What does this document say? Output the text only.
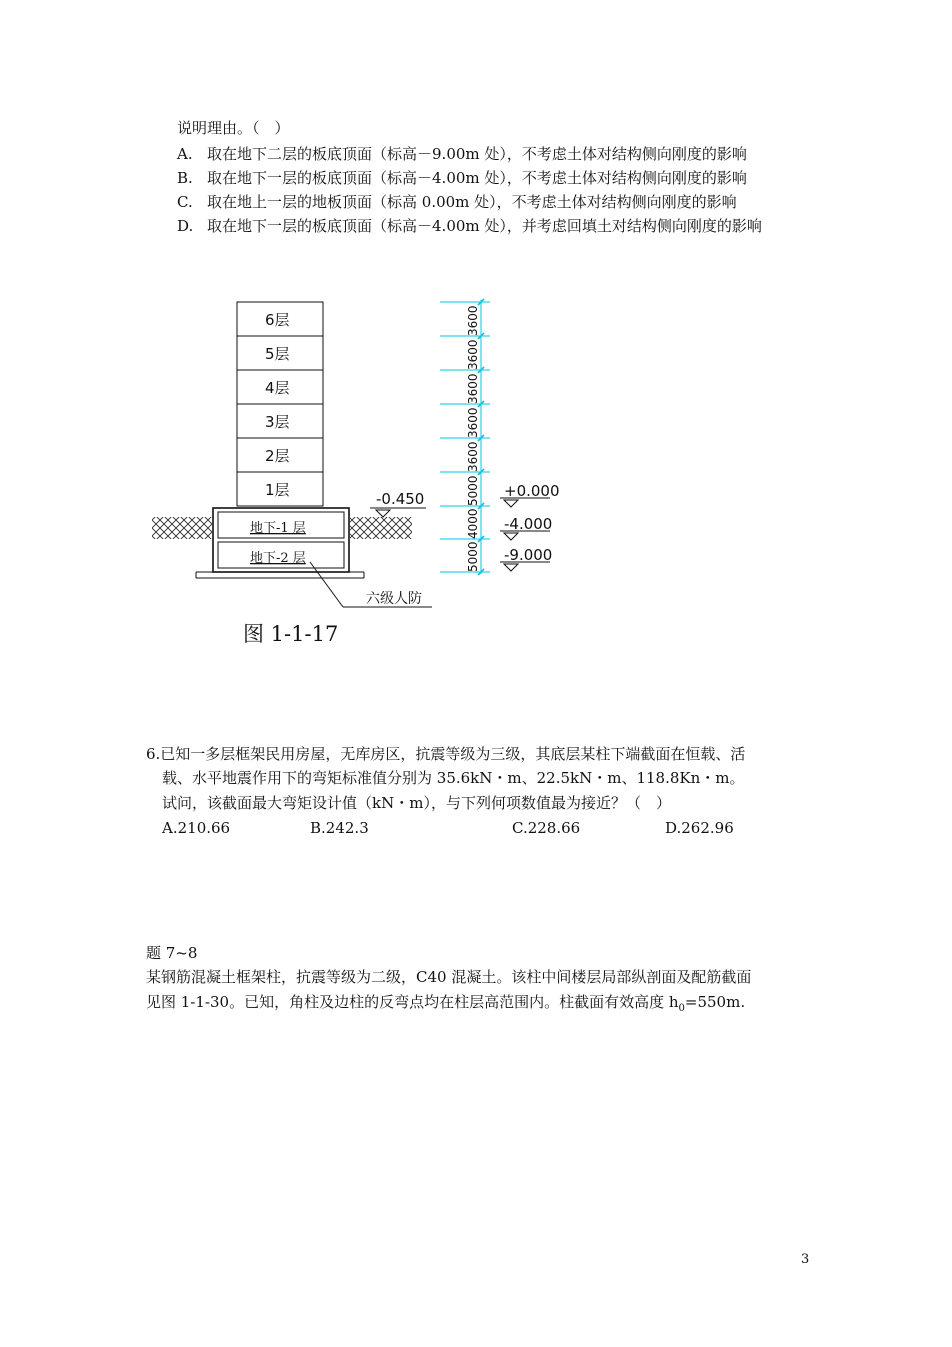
说明理由。（　）
A. 取在地下二层的板底顶面（标高－9.00m 处），不考虑土体对结构侧向刚度的影响
B. 取在地下一层的板底顶面（标高－4.00m 处），不考虑土体对结构侧向刚度的影响
C. 取在地上一层的地板顶面（标高 0.00m 处），不考虑土体对结构侧向刚度的影响
D. 取在地下一层的板底顶面（标高－4.00m 处），并考虑回填土对结构侧向刚度的影响
6层
5层
4层
3层
2层
1层
地下-1 层
地下-2 层
-0.450
六级人防
3600
3600
3600
3600
3600
5000
4000
5000
+0.000
-4.000
-9.000
图 1-1-17
6.已知一多层框架民用房屋，无库房区，抗震等级为三级，其底层某柱下端截面在恒载、活
载、水平地震作用下的弯矩标准值分别为 35.6kN・m、22.5kN・m、118.8Kn・m。
试问，该截面最大弯矩设计值（kN・m），与下列何项数值最为接近？（　）
A.210.66	B.242.3	C.228.66	D.262.96
题 7~8
某钢筋混凝土框架柱，抗震等级为二级，C40 混凝土。该柱中间楼层局部纵剖面及配筋截面
见图 1-1-30。已知，角柱及边柱的反弯点均在柱层高范围内。柱截面有效高度 $h_0=550m$.
3
